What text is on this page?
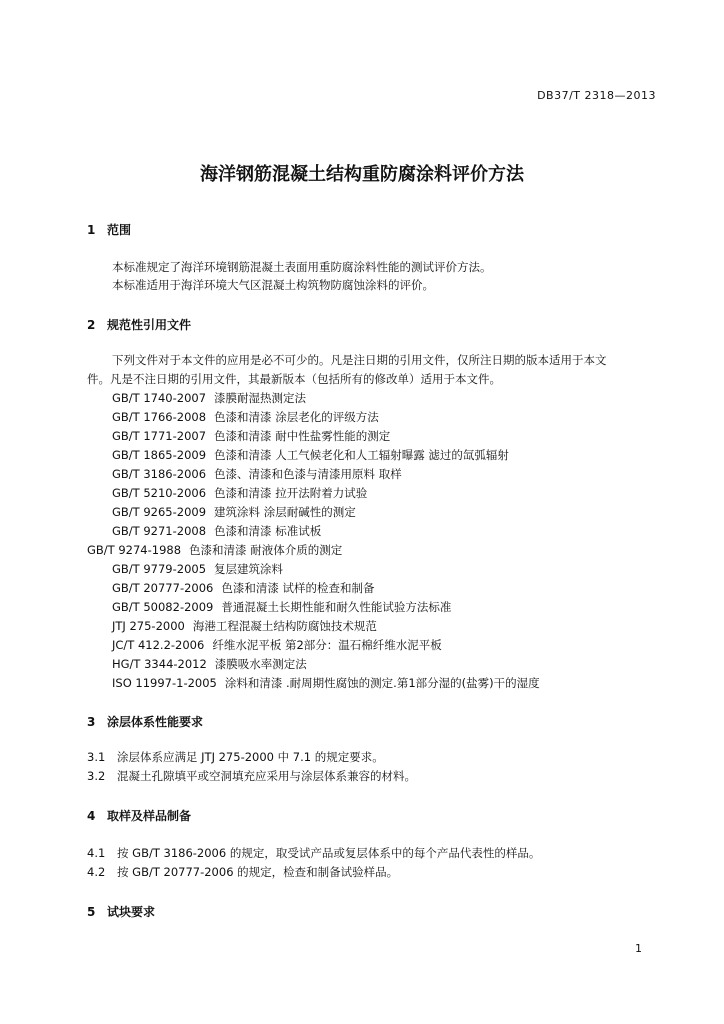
DB37/T 2318—2013
海洋钢筋混凝土结构重防腐涂料评价方法
1 范围
本标准规定了海洋环境钢筋混凝土表面用重防腐涂料性能的测试评价方法。
本标准适用于海洋环境大气区混凝土构筑物防腐蚀涂料的评价。
2 规范性引用文件
下列文件对于本文件的应用是必不可少的。凡是注日期的引用文件，仅所注日期的版本适用于本文
件。凡是不注日期的引用文件，其最新版本（包括所有的修改单）适用于本文件。
GB/T 1740-2007 漆膜耐湿热测定法
GB/T 1766-2008 色漆和清漆 涂层老化的评级方法
GB/T 1771-2007 色漆和清漆 耐中性盐雾性能的测定
GB/T 1865-2009 色漆和清漆 人工气候老化和人工辐射曝露 滤过的氙弧辐射
GB/T 3186-2006 色漆、清漆和色漆与清漆用原料 取样
GB/T 5210-2006 色漆和清漆 拉开法附着力试验
GB/T 9265-2009 建筑涂料 涂层耐碱性的测定
GB/T 9271-2008 色漆和清漆 标准试板
GB/T 9274-1988 色漆和清漆 耐液体介质的测定
GB/T 9779-2005 复层建筑涂料
GB/T 20777-2006 色漆和清漆 试样的检查和制备
GB/T 50082-2009 普通混凝土长期性能和耐久性能试验方法标准
JTJ 275-2000 海港工程混凝土结构防腐蚀技术规范
JC/T 412.2-2006 纤维水泥平板 第2部分：温石棉纤维水泥平板
HG/T 3344-2012 漆膜吸水率测定法
ISO 11997-1-2005 涂料和清漆 .耐周期性腐蚀的测定.第1部分湿的(盐雾)干的湿度
3 涂层体系性能要求
3.1 涂层体系应满足 JTJ 275-2000 中 7.1 的规定要求。
3.2 混凝土孔隙填平或空洞填充应采用与涂层体系兼容的材料。
4 取样及样品制备
4.1 按 GB/T 3186-2006 的规定，取受试产品或复层体系中的每个产品代表性的样品。
4.2 按 GB/T 20777-2006 的规定，检查和制备试验样品。
5 试块要求
1
